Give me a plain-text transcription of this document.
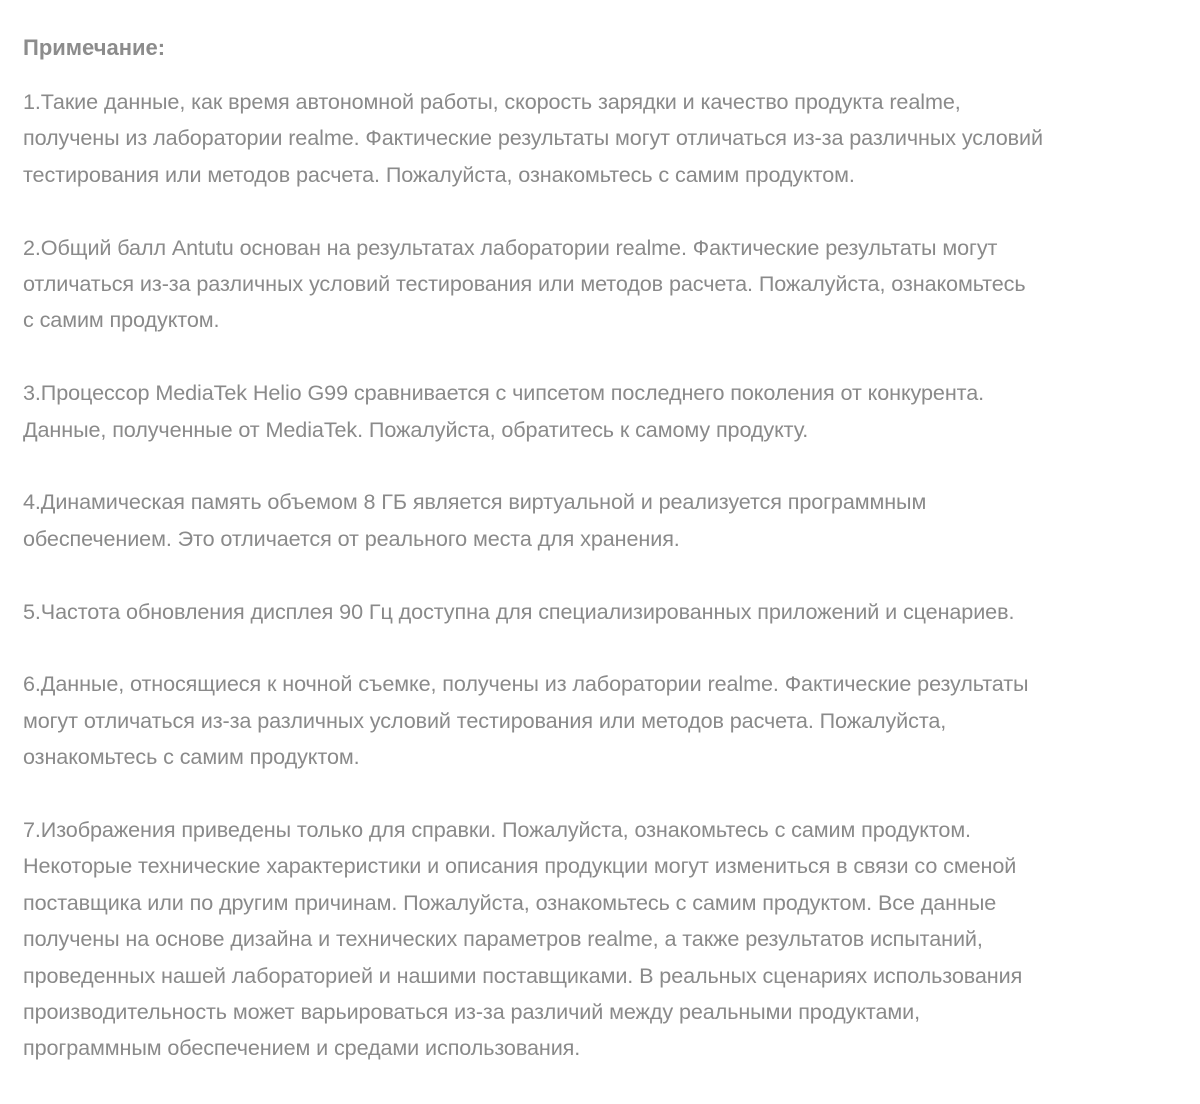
Примечание:
1.Такие данные, как время автономной работы, скорость зарядки и качество продукта realme,
получены из лаборатории realme. Фактические результаты могут отличаться из-за различных условий
тестирования или методов расчета. Пожалуйста, ознакомьтесь с самим продуктом.
2.Общий балл Antutu основан на результатах лаборатории realme. Фактические результаты могут
отличаться из-за различных условий тестирования или методов расчета. Пожалуйста, ознакомьтесь
с самим продуктом.
3.Процессор MediaTek Helio G99 сравнивается с чипсетом последнего поколения от конкурента.
Данные, полученные от MediaTek. Пожалуйста, обратитесь к самому продукту.
4.Динамическая память объемом 8 ГБ является виртуальной и реализуется программным
обеспечением. Это отличается от реального места для хранения.
5.Частота обновления дисплея 90 Гц доступна для специализированных приложений и сценариев.
6.Данные, относящиеся к ночной съемке, получены из лаборатории realme. Фактические результаты
могут отличаться из-за различных условий тестирования или методов расчета. Пожалуйста,
ознакомьтесь с самим продуктом.
7.Изображения приведены только для справки. Пожалуйста, ознакомьтесь с самим продуктом.
Некоторые технические характеристики и описания продукции могут измениться в связи со сменой
поставщика или по другим причинам. Пожалуйста, ознакомьтесь с самим продуктом. Все данные
получены на основе дизайна и технических параметров realme, а также результатов испытаний,
проведенных нашей лабораторией и нашими поставщиками. В реальных сценариях использования
производительность может варьироваться из-за различий между реальными продуктами,
программным обеспечением и средами использования.
